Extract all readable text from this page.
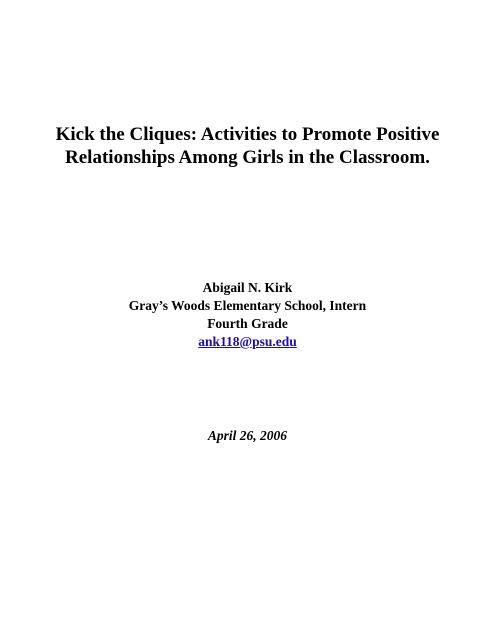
Kick the Cliques: Activities to Promote Positive
Relationships Among Girls in the Classroom.
Abigail N. Kirk
Gray’s Woods Elementary School, Intern
Fourth Grade
ank118@psu.edu
April 26, 2006
